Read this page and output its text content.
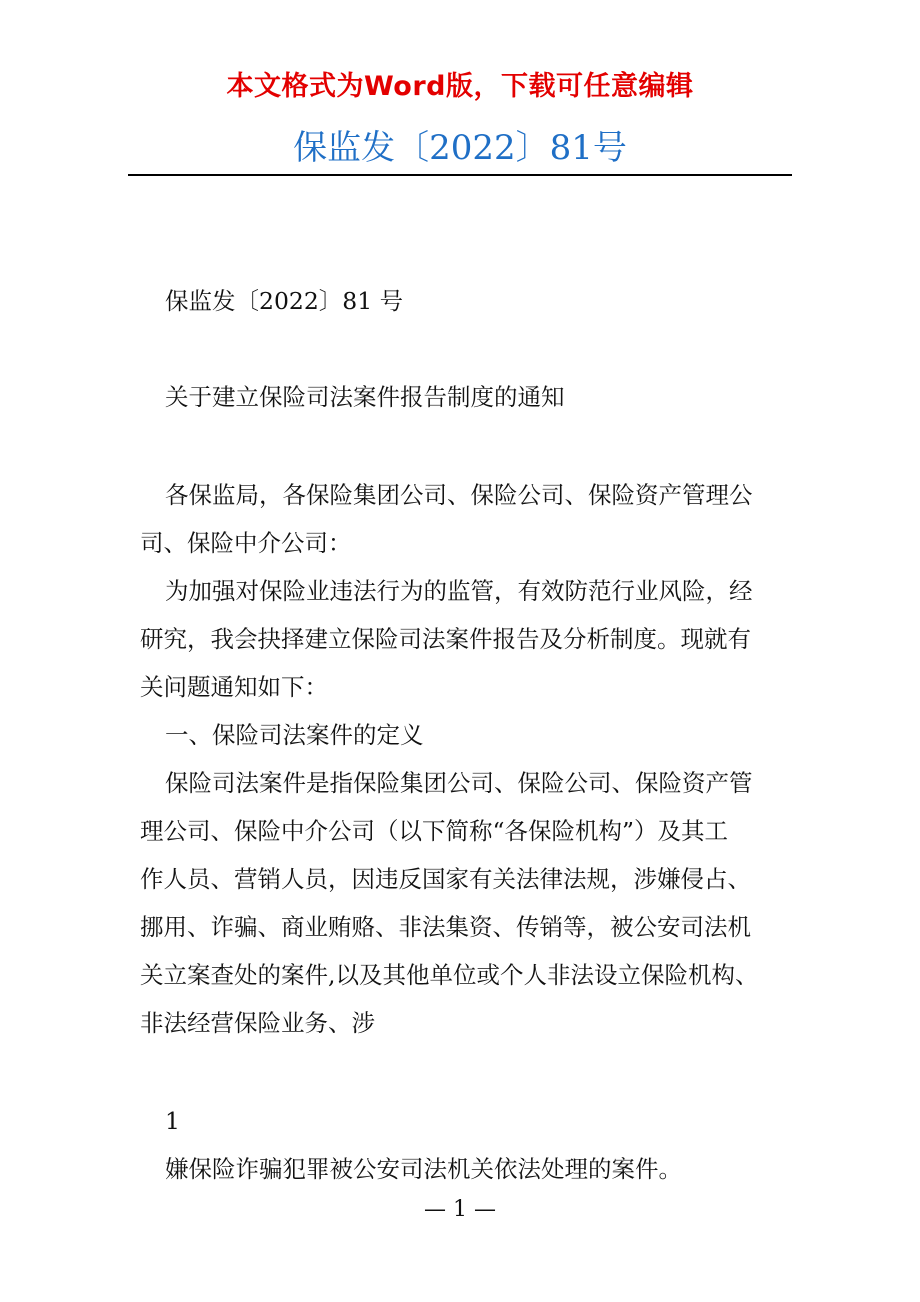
本文格式为Word版，下载可任意编辑
保监发〔2022〕81号
保监发〔2022〕81 号
关于建立保险司法案件报告制度的通知
各保监局，各保险集团公司、保险公司、保险资产管理公
司、保险中介公司：
为加强对保险业违法行为的监管，有效防范行业风险，经
研究，我会抉择建立保险司法案件报告及分析制度。现就有
关问题通知如下：
一、保险司法案件的定义
保险司法案件是指保险集团公司、保险公司、保险资产管
理公司、保险中介公司（以下简称“各保险机构”）及其工
作人员、营销人员，因违反国家有关法律法规，涉嫌侵占、
挪用、诈骗、商业贿赂、非法集资、传销等，被公安司法机
关立案查处的案件,以及其他单位或个人非法设立保险机构、
非法经营保险业务、涉
1
嫌保险诈骗犯罪被公安司法机关依法处理的案件。
— 1 —
